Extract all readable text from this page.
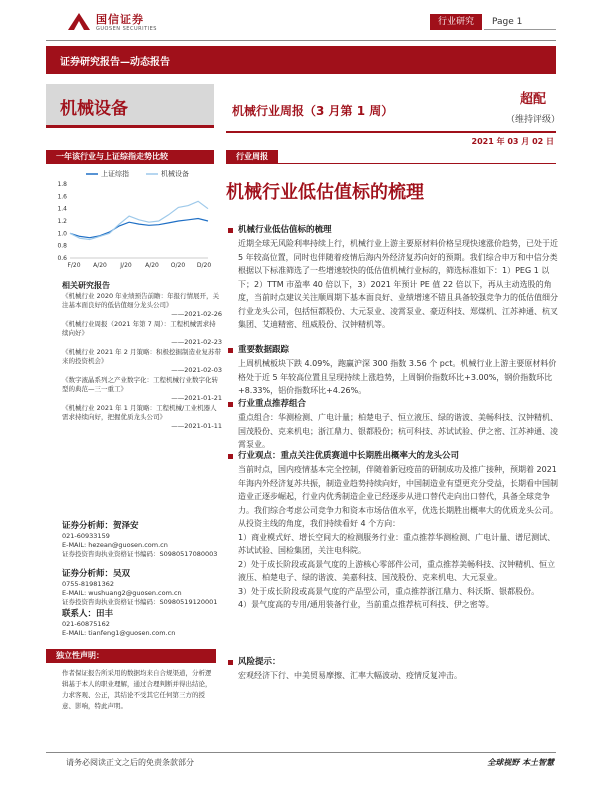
国信证券
GUOSEN SECURITIES
行业研究	Page 1
证券研究报告—动态报告
机械设备	机械行业周报（3 月第 1 周）
超配
（维持评级）
2021 年 03 月 02 日
一年该行业与上证综指走势比较
上证综指	机械设备
0.6
0.8
1.0
1.2
1.4
1.6
1.8
F/20 A/20 J/20 A/20 O/20 D/20
相关研究报告
《机械行业 2020 年业绩预告前瞻：年报行情展开，关注基本面良好的低估值细分龙头公司》
——2021-02-26
《机械行业周报（2021 年第 7 周）：工程机械需求持续向好》
——2021-02-23
《机械行业 2021 年 2 月策略：积极挖掘制造业复苏带来的投资机会》
——2021-02-03
《数字液晶系列之产业数字化：工程机械行业数字化转型的典范—三一重工》
——2021-01-21
《机械行业 2021 年 1 月策略：工程机械/工业机器人需求持续向好，把握优质龙头公司》
——2021-01-11
证券分析师：贺泽安
021-60933159
E-MAIL: hezean@guosen.com.cn
证券投资咨询执业资格证书编码：S0980517080003
证券分析师：吴双
0755-81981362
E-MAIL: wushuang2@guosen.com.cn
证券投资咨询执业资格证书编码：S0980519120001
联系人：田丰
021-60875162
E-MAIL: tianfeng1@guosen.com.cn
独立性声明：
作者保证报告所采用的数据均来自合规渠道，分析逻辑基于本人的职业理解，通过合理判断并得出结论，力求客观、公正，其结论不受其它任何第三方的授意、影响，特此声明。
行业周报
机械行业低估值标的梳理
机械行业低估值标的梳理
近期全球无风险利率持续上行，机械行业上游主要原材料价格呈现快速涨价趋势，已处于近 5 年较高位置，同时也伴随着疫情后海内外经济复苏向好的预期。我们综合申万和中信分类根据以下标准筛选了一些增速较快的低估值机械行业标的，筛选标准如下：1）PEG 1 以下；2）TTM 市盈率 40 倍以下，3）2021 年预计 PE 值 22 倍以下，再从主动选股的角度，当前时点建议关注顺周期下基本面良好、业绩增速不错且具备较强竞争力的低估值细分行业龙头公司，包括恒都股份、大元泵业、凌霄泵业、豪迈科技、郑煤机、江苏神通、杭叉集团、艾迪精密、纽威股份、汉钟精机等。
重要数据跟踪
上周机械板块下跌 4.09%，跑赢沪深 300 指数 3.56 个 pct。机械行业上游主要原材料价格处于近 5 年较高位置且呈现持续上涨趋势，上周铜价指数环比+3.00%，钢价指数环比+8.33%，铝价指数环比+4.26%。
行业重点推荐组合
重点组合：华测检测、广电计量；柏楚电子、恒立液压、绿的谐波、美畅科技、汉钟精机、国茂股份、克来机电；浙江鼎力、银都股份；杭可科技、苏试试验、伊之密、江苏神通、凌霄泵业。
行业观点：重点关注优质赛道中长期胜出概率大的龙头公司
当前时点，国内疫情基本完全控制，伴随着新冠疫苗的研制成功及推广接种，预期着 2021 年海内外经济复苏共振，制造业趋势持续向好，中国制造业有望更充分受益，长期看中国制造业正逐步崛起，行业内优秀制造企业已经逐步从进口替代走向出口替代，具备全球竞争力。我们综合考虑公司竞争力和资本市场估值水平，优选长期胜出概率大的优质龙头公司。从投资主线的角度，我们持续看好 4 个方向：
1）商业模式好、增长空间大的检测服务行业：重点推荐华测检测、广电计量、谱尼测试、苏试试验、国检集团，关注电科院。
2）处于成长阶段或高景气度的上游核心零部件公司，重点推荐美畅科技、汉钟精机、恒立液压、柏楚电子、绿的谐波、美嘉科技、国茂股份、克来机电、大元泵业。
3）处于成长阶段或高景气度的产品型公司，重点推荐浙江鼎力、科沃斯、银都股份。
4）景气度高的专用/通用装备行业，当前重点推荐杭可科技、伊之密等。
风险提示：
宏观经济下行、中美贸易摩擦、汇率大幅波动、疫情反复冲击。
请务必阅读正文之后的免责条款部分	全球视野 本土智慧
